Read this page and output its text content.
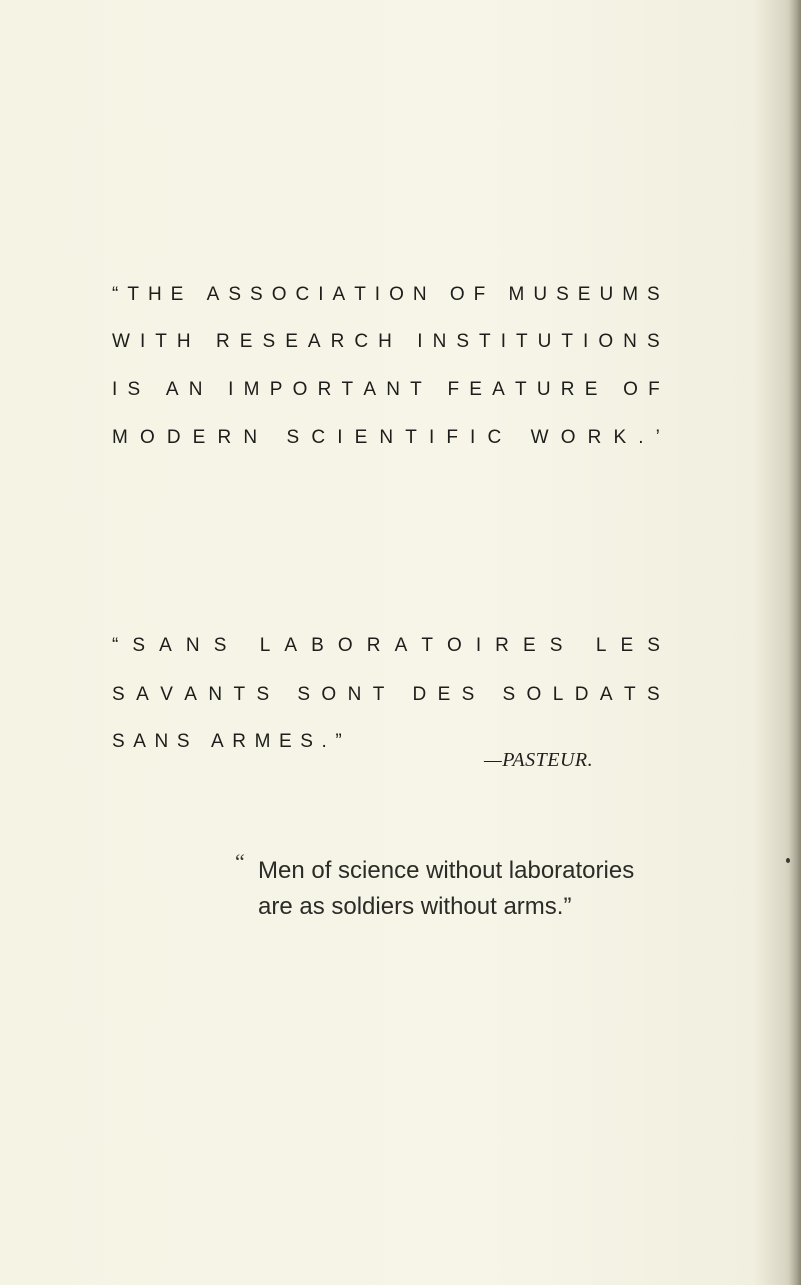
“ T H E
A S S O C I A T I O N
O F
M U S E U M S
W I T H
R E S E A R C H
I N S T I T U T I O N S
I S
A N
I M P O R T A N T
F E A T U R E
O F
M O D E R N
S C I E N T I F I C
W O R K . ’
“ S A N S
L A B O R A T O I R E S
L E S
S A V A N T S
S O N T
D E S
S O L D A T S
SANS ARMES.”
—PASTEUR.
“ Men of science without laboratories
are as soldiers without arms.”
